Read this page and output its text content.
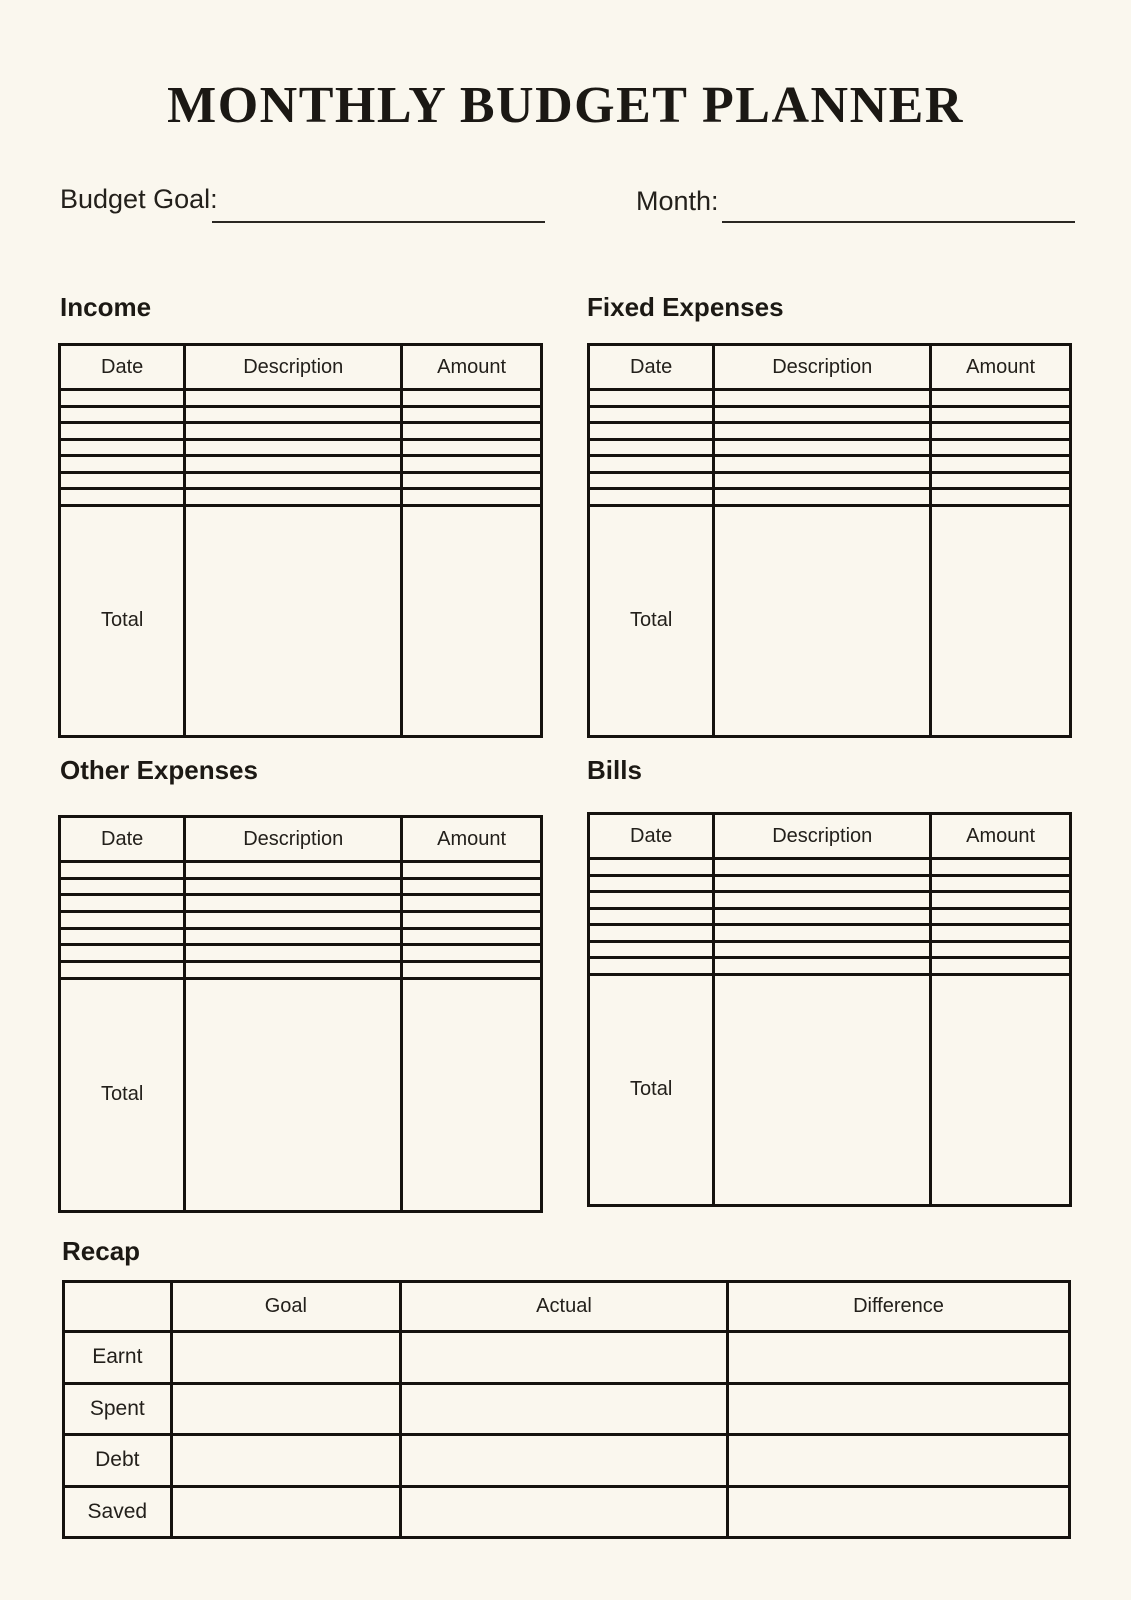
MONTHLY BUDGET PLANNER
Budget Goal:	Month:
Income	Fixed Expenses
Date	Description	Amount

Total		
Date	Description	Amount

Total		
Other Expenses	Bills
Date	Description	Amount

Total		
Date	Description	Amount

Total		
Recap
	Goal	Actual	Difference
Earnt			
Spent			
Debt			
Saved			
